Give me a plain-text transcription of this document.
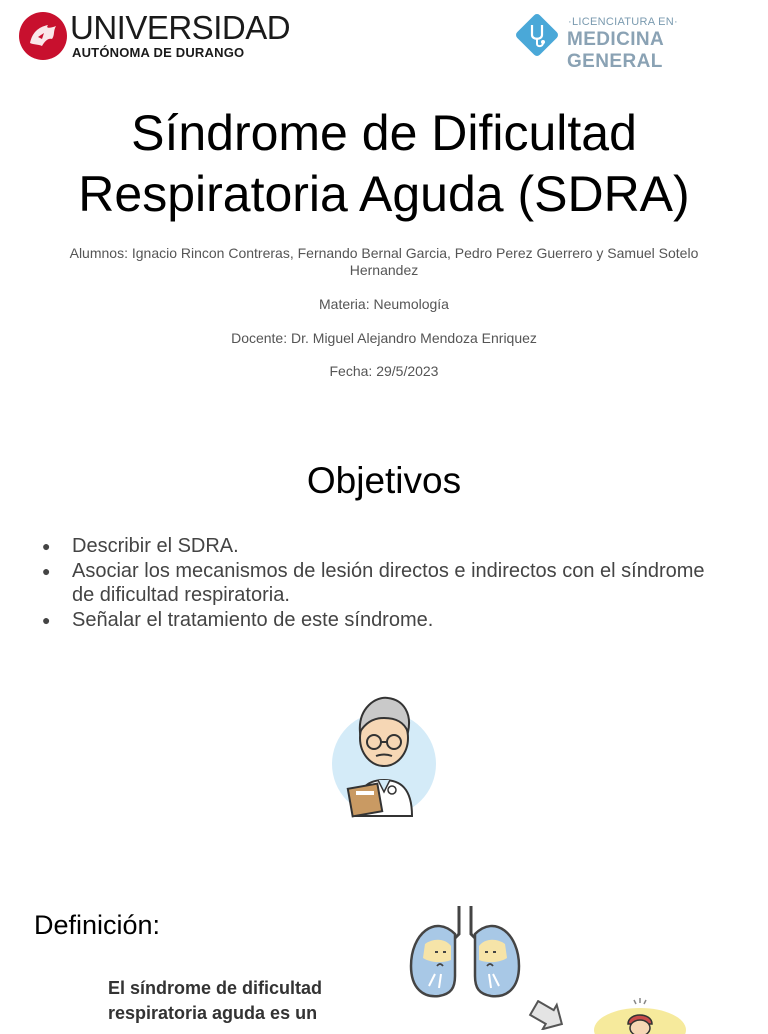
UNIVERSIDAD
AUTÓNOMA DE DURANGO
·LICENCIATURA EN·
MEDICINA GENERAL
Síndrome de Dificultad
Respiratoria Aguda (SDRA)
Alumnos: Ignacio Rincon Contreras, Fernando Bernal Garcia, Pedro Perez Guerrero y Samuel Sotelo
Hernandez
Materia: Neumología
Docente: Dr. Miguel Alejandro Mendoza Enriquez
Fecha: 29/5/2023
Objetivos
● Describir el SDRA.
● Asociar los mecanismos de lesión directos e indirectos con el síndrome de dificultad respiratoria.
● Señalar el tratamiento de este síndrome.
Definición:
El síndrome de dificultad
respiratoria aguda es un
